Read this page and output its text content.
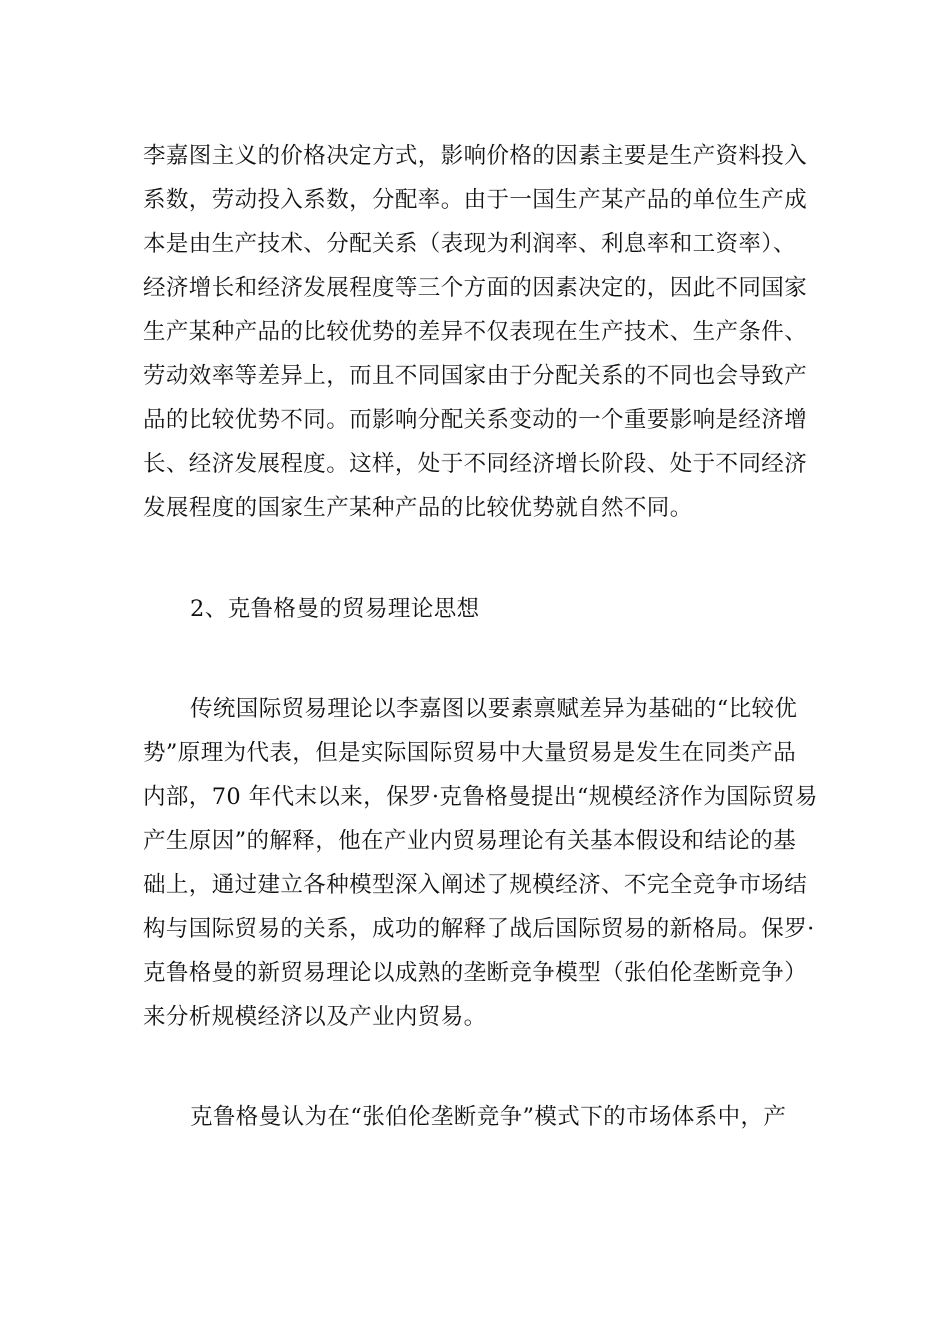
李嘉图主义的价格决定方式，影响价格的因素主要是生产资料投入
系数，劳动投入系数，分配率。由于一国生产某产品的单位生产成
本是由生产技术、分配关系（表现为利润率、利息率和工资率）、
经济增长和经济发展程度等三个方面的因素决定的，因此不同国家
生产某种产品的比较优势的差异不仅表现在生产技术、生产条件、
劳动效率等差异上，而且不同国家由于分配关系的不同也会导致产
品的比较优势不同。而影响分配关系变动的一个重要影响是经济增
长、经济发展程度。这样，处于不同经济增长阶段、处于不同经济
发展程度的国家生产某种产品的比较优势就自然不同。
2、克鲁格曼的贸易理论思想
传统国际贸易理论以李嘉图以要素禀赋差异为基础的“比较优
势”原理为代表，但是实际国际贸易中大量贸易是发生在同类产品
内部，70 年代末以来，保罗·克鲁格曼提出“规模经济作为国际贸易
产生原因”的解释，他在产业内贸易理论有关基本假设和结论的基
础上，通过建立各种模型深入阐述了规模经济、不完全竞争市场结
构与国际贸易的关系，成功的解释了战后国际贸易的新格局。保罗·
克鲁格曼的新贸易理论以成熟的垄断竞争模型（张伯伦垄断竞争）
来分析规模经济以及产业内贸易。
克鲁格曼认为在“张伯伦垄断竞争”模式下的市场体系中，产
